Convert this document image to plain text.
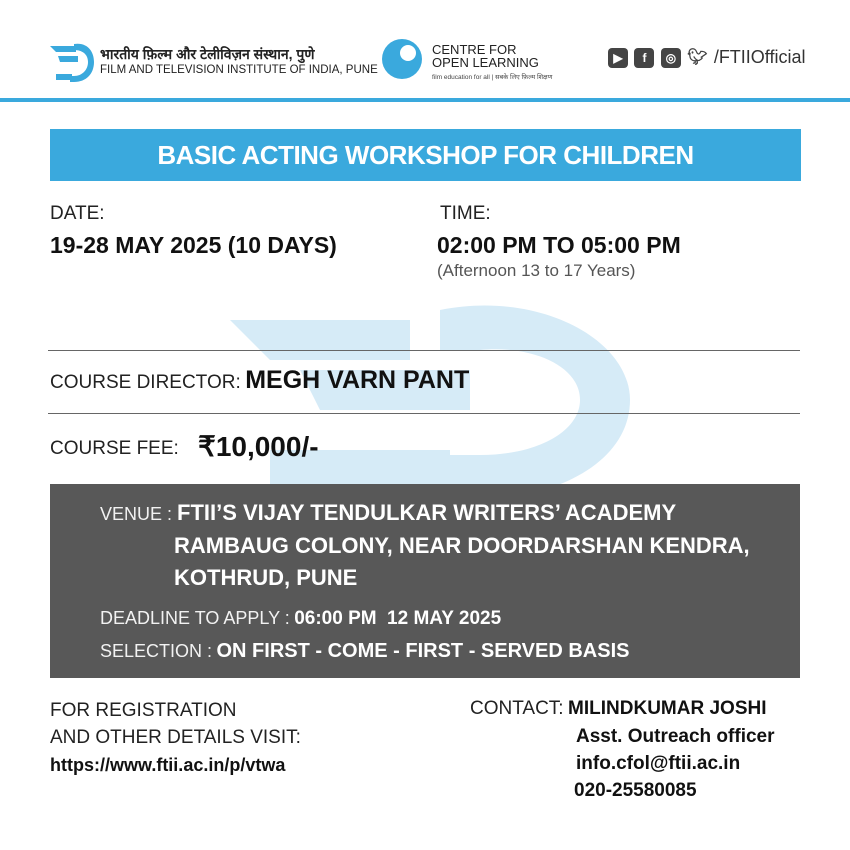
भारतीय फ़िल्म और टेलीविज़न संस्थान, पुणे
FILM AND TELEVISION INSTITUTE OF INDIA, PUNE
CENTRE FOR
OPEN LEARNING
film education for all | सबके लिए फ़िल्म शिक्षण
▶ f ◎ 🐦︎ /FTIIOfficial
BASIC ACTING WORKSHOP FOR CHILDREN
DATE:
19-28 MAY 2025 (10 DAYS)
TIME:
02:00 PM TO 05:00 PM
(Afternoon 13 to 17 Years)
COURSE DIRECTOR: MEGH VARN PANT
COURSE FEE: ₹10,000/-
VENUE : FTII’S VIJAY TENDULKAR WRITERS’ ACADEMY
RAMBAUG COLONY, NEAR DOORDARSHAN KENDRA,
KOTHRUD, PUNE
DEADLINE TO APPLY : 06:00 PM 12 MAY 2025
SELECTION : ON FIRST - COME - FIRST - SERVED BASIS
FOR REGISTRATION
AND OTHER DETAILS VISIT:
https://www.ftii.ac.in/p/vtwa
CONTACT: MILINDKUMAR JOSHI
Asst. Outreach officer
info.cfol@ftii.ac.in
020-25580085
